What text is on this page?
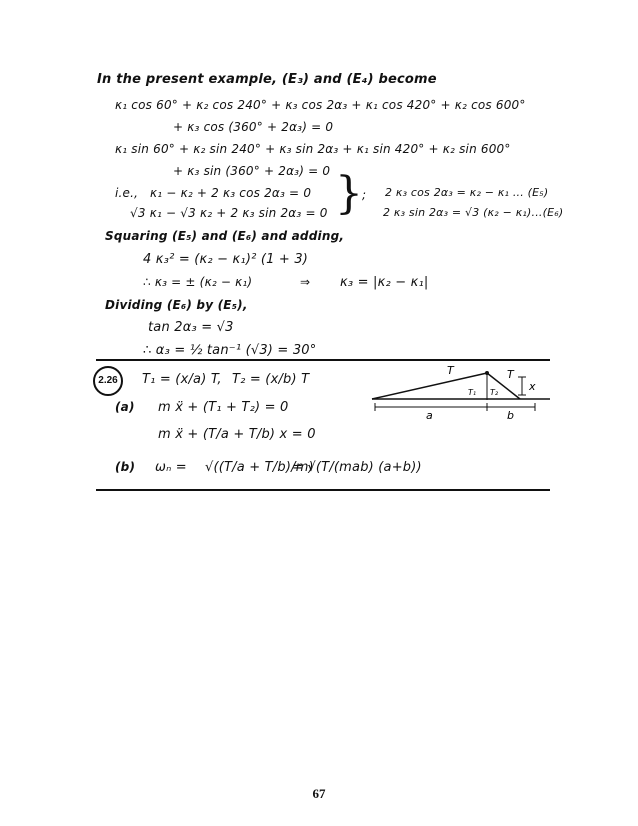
In the present example, (E₃) and (E₄) become
κ₁ cos 60° + κ₂ cos 240° + κ₃ cos 2α₃ + κ₁ cos 420° + κ₂ cos 600°
+ κ₃ cos (360° + 2α₃) = 0
κ₁ sin 60° + κ₂ sin 240° + κ₃ sin 2α₃ + κ₁ sin 420° + κ₂ sin 600°
+ κ₃ sin (360° + 2α₃) = 0
i.e., κ₁ − κ₂ + 2 κ₃ cos 2α₃ = 0
√3 κ₁ − √3 κ₂ + 2 κ₃ sin 2α₃ = 0 } ; 2 κ₃ cos 2α₃ = κ₂ − κ₁ ... (E₅)
2 κ₃ sin 2α₃ = √3 (κ₂ − κ₁)...(E₆)
Squaring (E₅) and (E₆) and adding,
4 κ₃² = (κ₂ − κ₁)² (1 + 3)
∴ κ₃ = ± (κ₂ − κ₁)	⇒ κ₃ = |κ₂ − κ₁|
Dividing (E₆) by (E₅),
tan 2α₃ = √3
∴ α₃ = ½ tan⁻¹ (√3) = 30°
2.26	T₁ = (x/a) T, T₂ = (x/b) T
(a) m ẍ + (T₁ + T₂) = 0
m ẍ + (T/a + T/b) x = 0
(b) ωₙ = √((T/a + T/b)/m)
= √(T/(mab) (a+b))
T	T
T₁ T₂
a	b
x
67
